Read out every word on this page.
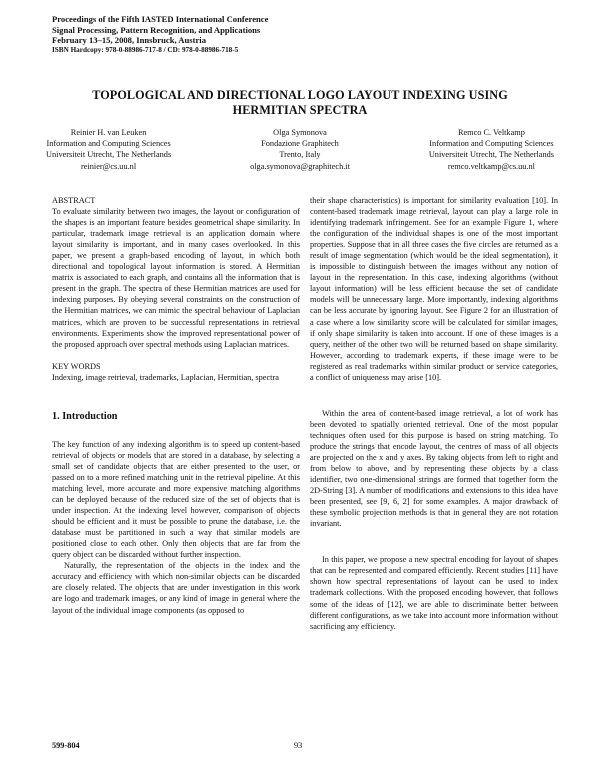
Proceedings of the Fifth IASTED International Conference
Signal Processing, Pattern Recognition, and Applications
February 13–15, 2008, Innsbruck, Austria
ISBN Hardcopy: 978-0-88986-717-8 / CD: 978-0-88986-718-5
TOPOLOGICAL AND DIRECTIONAL LOGO LAYOUT INDEXING USING
HERMITIAN SPECTRA
Reinier H. van Leuken
Information and Computing Sciences
Universiteit Utrecht, The Netherlands
reinier@cs.uu.nl
Olga Symonova
Fondazione Graphitech
Trento, Italy
olga.symonova@graphitech.it
Remco C. Veltkamp
Information and Computing Sciences
Universiteit Utrecht, The Netherlands
remco.veltkamp@cs.uu.nl

ABSTRACT

To evaluate similarity between two images, the layout or configuration of the shapes is an important feature besides geometrical shape similarity. In particular, trademark image retrieval is an application domain where layout similarity is important, and in many cases overlooked. In this paper, we present a graph-based encoding of layout, in which both directional and topological layout information is stored. A Hermitian matrix is associated to each graph, and contains all the information that is present in the graph. The spectra of these Hermitian matrices are used for indexing purposes. By obeying several constraints on the construction of the Hermitian matrices, we can mimic the spectral behaviour of Laplacian matrices, which are proven to be successful representations in retrieval environments. Experiments show the improved representational power of the proposed approach over spectral methods using Laplacian matrices.

KEY WORDS

Indexing, image retrieval, trademarks, Laplacian, Hermitian, spectra

1. Introduction

The key function of any indexing algorithm is to speed up content-based retrieval of objects or models that are stored in a database, by selecting a small set of candidate objects that are either presented to the user, or passed on to a more refined matching unit in the retrieval pipeline. At this matching level, more accurate and more expensive matching algorithms can be deployed because of the reduced size of the set of objects that is under inspection. At the indexing level however, comparison of objects should be efficient and it must be possible to prune the database, i.e. the database must be partitioned in such a way that similar models are positioned close to each other. Only then objects that are far from the query object can be discarded without further inspection.

Naturally, the representation of the objects in the index and the accuracy and efficiency with which non-similar objects can be discarded are closely related. The objects that are under investigation in this work are logo and trademark images, or any kind of image in general where the layout of the individual image components (as opposed to

their shape characteristics) is important for similarity evaluation [10]. In content-based trademark image retrieval, layout can play a large role in identifying trademark infringement. See for an example Figure 1, where the configuration of the individual shapes is one of the most important properties. Suppose that in all three cases the five circles are returned as a result of image segmentation (which would be the ideal segmentation), it is impossible to distinguish between the images without any notion of layout in the representation. In this case, indexing algorithms (without layout information) will be less efficient because the set of candidate models will be unnecessary large. More importantly, indexing algorithms can be less accurate by ignoring layout. See Figure 2 for an illustration of a case where a low similarity score will be calculated for similar images, if only shape similarity is taken into account. If one of these images is a query, neither of the other two will be returned based on shape similarity. However, according to trademark experts, if these image were to be registered as real trademarks within similar product or service categories, a conflict of uniqueness may arise [10].

Within the area of content-based image retrieval, a lot of work has been devoted to spatially oriented retrieval. One of the most popular techniques often used for this purpose is based on string matching. To produce the strings that encode layout, the centres of mass of all objects are projected on the x and y axes. By taking objects from left to right and from below to above, and by representing these objects by a class identifier, two one-dimensional strings are formed that together form the 2D-String [3]. A number of modifications and extensions to this idea have been presented, see [9, 6, 2] for some examples. A major drawback of these symbolic projection methods is that in general they are not rotation invariant.

In this paper, we propose a new spectral encoding for layout of shapes that can be represented and compared efficiently. Recent studies [11] have shown how spectral representations of layout can be used to index trademark collections. With the proposed encoding however, that follows some of the ideas of [12], we are able to discriminate better between different configurations, as we take into account more information without sacrificing any efficiency.

599-804	93
